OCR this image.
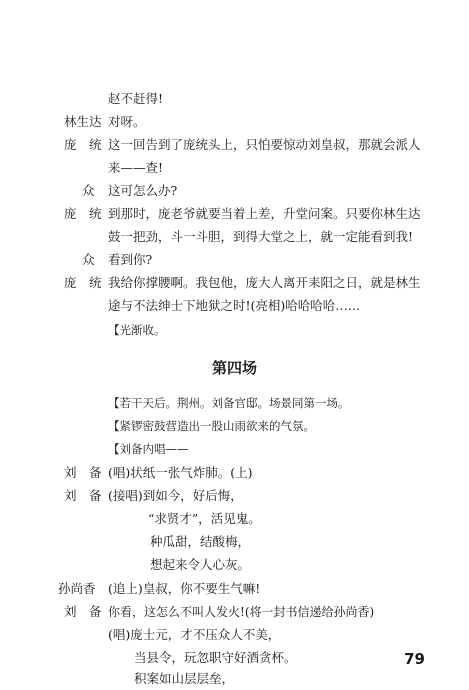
赵不赶得!
林生达 对呀。
庞　统 这一回告到了庞统头上，只怕要惊动刘皇叔，那就会派人
来——查!
众 这可怎么办?
庞　统 到那时，庞老爷就要当着上差，升堂问案。只要你林生达
鼓一把劲，斗一斗胆，到得大堂之上，就一定能看到我!
众 看到你?
庞　统 我给你撑腰啊。我包他，庞大人离开耒阳之日，就是林生
途与不法绅士下地狱之时!(亮相)哈哈哈哈……
【光渐收。
第四场
【若干天后。荆州。刘备官邸。场景同第一场。
【紧锣密鼓营造出一股山雨欲来的气氛。
【刘备内唱——
刘　备 (唱)状纸一张气炸肺。(上)
刘　备 (接唱)到如今，好后悔，
“求贤才”，活见鬼。
种瓜甜，结酸梅，
想起来令人心灰。
孙尚香 (追上)皇叔，你不要生气嘛!
刘　备 你看，这怎么不叫人发火!(将一封书信递给孙尚香)
(唱)庞士元，才不压众人不美，
当县令，玩忽职守好酒贪杯。
积案如山层层垒，
79
